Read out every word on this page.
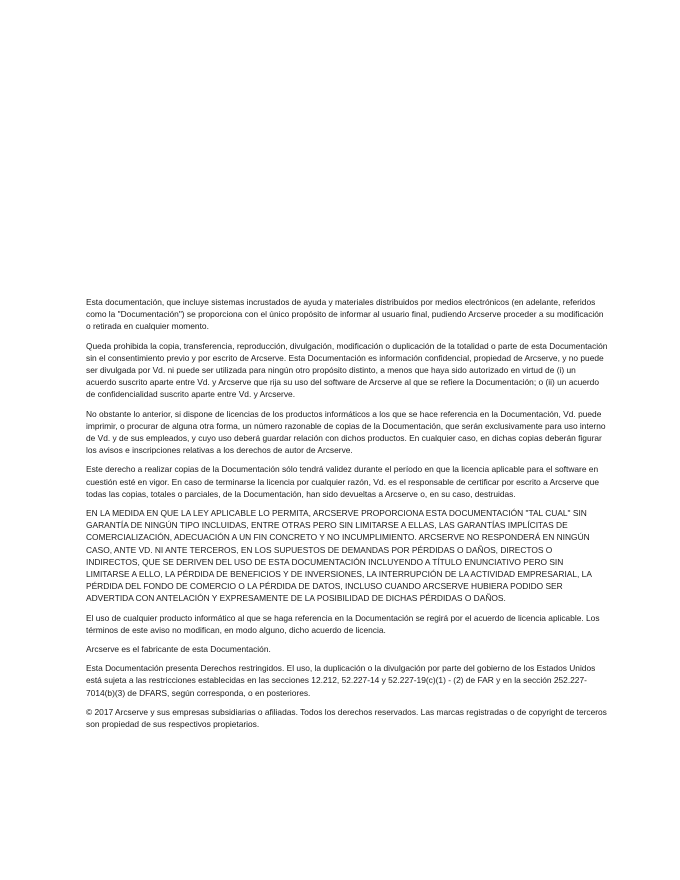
Esta documentación, que incluye sistemas incrustados de ayuda y materiales distribuidos por medios electrónicos (en adelante, referidos como la "Documentación") se proporciona con el único propósito de informar al usuario final, pudiendo Arcserve proceder a su modificación o retirada en cualquier momento.

Queda prohibida la copia, transferencia, reproducción, divulgación, modificación o duplicación de la totalidad o parte de esta Documentación sin el consentimiento previo y por escrito de Arcserve. Esta Documentación es información confidencial, propiedad de Arcserve, y no puede ser divulgada por Vd. ni puede ser utilizada para ningún otro propósito distinto, a menos que haya sido autorizado en virtud de (i) un acuerdo suscrito aparte entre Vd. y Arcserve que rija su uso del software de Arcserve al que se refiere la Documentación; o (ii) un acuerdo de confidencialidad suscrito aparte entre Vd. y Arcserve.

No obstante lo anterior, si dispone de licencias de los productos informáticos a los que se hace referencia en la Documentación, Vd. puede imprimir, o procurar de alguna otra forma, un número razonable de copias de la Documentación, que serán exclusivamente para uso interno de Vd. y de sus empleados, y cuyo uso deberá guardar relación con dichos productos. En cualquier caso, en dichas copias deberán figurar los avisos e inscripciones relativas a los derechos de autor de Arcserve.

Este derecho a realizar copias de la Documentación sólo tendrá validez durante el período en que la licencia aplicable para el software en cuestión esté en vigor. En caso de terminarse la licencia por cualquier razón, Vd. es el responsable de certificar por escrito a Arcserve que todas las copias, totales o parciales, de la Documentación, han sido devueltas a Arcserve o, en su caso, destruidas.

EN LA MEDIDA EN QUE LA LEY APLICABLE LO PERMITA, ARCSERVE PROPORCIONA ESTA DOCUMENTACIÓN "TAL CUAL" SIN GARANTÍA DE NINGÚN TIPO INCLUIDAS, ENTRE OTRAS PERO SIN LIMITARSE A ELLAS, LAS GARANTÍAS IMPLÍCITAS DE COMERCIALIZACIÓN, ADECUACIÓN A UN FIN CONCRETO Y NO INCUMPLIMIENTO. ARCSERVE NO RESPONDERÁ EN NINGÚN CASO, ANTE VD. NI ANTE TERCEROS, EN LOS SUPUESTOS DE DEMANDAS POR PÉRDIDAS O DAÑOS, DIRECTOS O INDIRECTOS, QUE SE DERIVEN DEL USO DE ESTA DOCUMENTACIÓN INCLUYENDO A TÍTULO ENUNCIATIVO PERO SIN LIMITARSE A ELLO, LA PÉRDIDA DE BENEFICIOS Y DE INVERSIONES, LA INTERRUPCIÓN DE LA ACTIVIDAD EMPRESARIAL, LA PÉRDIDA DEL FONDO DE COMERCIO O LA PÉRDIDA DE DATOS, INCLUSO CUANDO ARCSERVE HUBIERA PODIDO SER ADVERTIDA CON ANTELACIÓN Y EXPRESAMENTE DE LA POSIBILIDAD DE DICHAS PÉRDIDAS O DAÑOS.

El uso de cualquier producto informático al que se haga referencia en la Documentación se regirá por el acuerdo de licencia aplicable. Los términos de este aviso no modifican, en modo alguno, dicho acuerdo de licencia.

Arcserve es el fabricante de esta Documentación.

Esta Documentación presenta Derechos restringidos. El uso, la duplicación o la divulgación por parte del gobierno de los Estados Unidos está sujeta a las restricciones establecidas en las secciones 12.212, 52.227-14 y 52.227-19(c)(1) - (2) de FAR y en la sección 252.227-7014(b)(3) de DFARS, según corresponda, o en posteriores.

© 2017 Arcserve y sus empresas subsidiarias o afiliadas. Todos los derechos reservados. Las marcas registradas o de copyright de terceros son propiedad de sus respectivos propietarios.
